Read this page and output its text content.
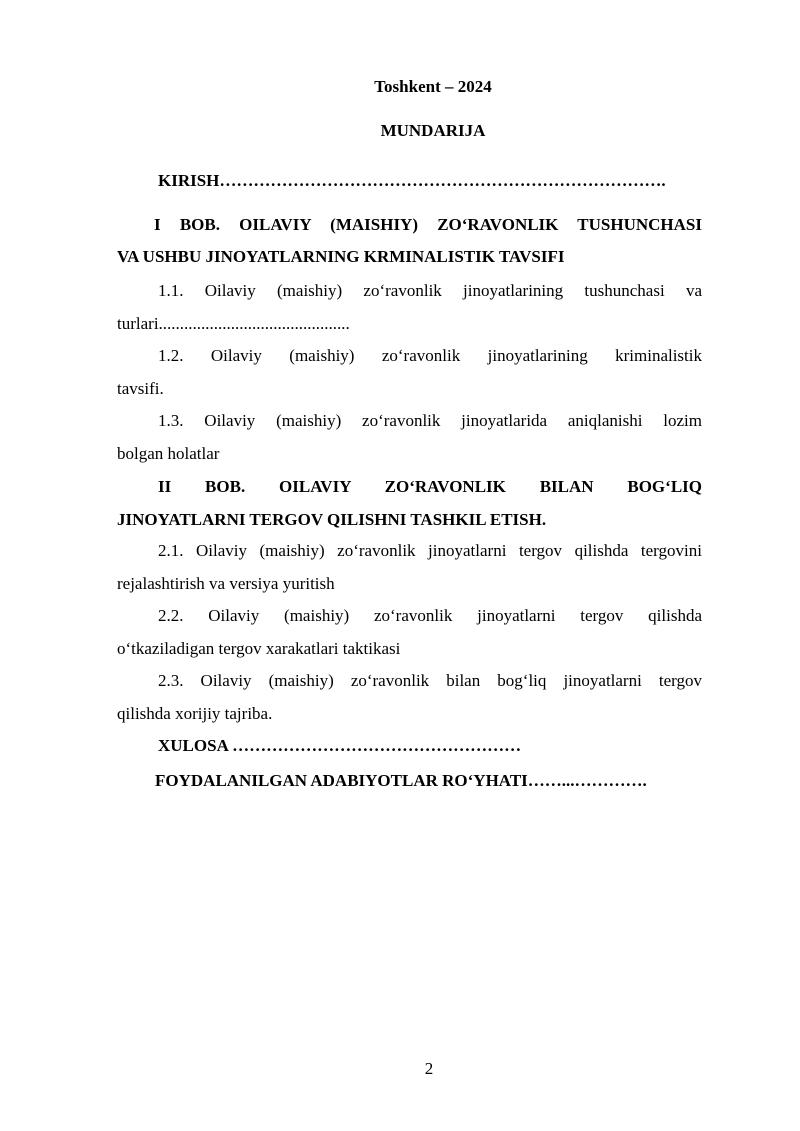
Toshkent – 2024
MUNDARIJA
KIRISH…………………………………………………………………….
I BOB. OILAVIY (MAISHIY) ZO‘RAVONLIK TUSHUNCHASI
VA USHBU JINOYATLARNING KRMINALISTIK TAVSIFI
1.1. Oilaviy (maishiy) zo‘ravonlik jinoyatlarining tushunchasi va
turlari.............................................
1.2. Oilaviy (maishiy) zo‘ravonlik jinoyatlarining kriminalistik
tavsifi.
1.3. Oilaviy (maishiy) zo‘ravonlik jinoyatlarida aniqlanishi lozim
bolgan holatlar
II BOB. OILAVIY ZO‘RAVONLIK BILAN BOG‘LIQ
JINOYATLARNI TERGOV QILISHNI TASHKIL ETISH.
2.1. Oilaviy (maishiy) zo‘ravonlik jinoyatlarni tergov qilishda tergovini
rejalashtirish va versiya yuritish
2.2. Oilaviy (maishiy) zo‘ravonlik jinoyatlarni tergov qilishda
o‘tkaziladigan tergov xarakatlari taktikasi
2.3. Oilaviy (maishiy) zo‘ravonlik bilan bog‘liq jinoyatlarni tergov
qilishda xorijiy tajriba.
XULOSA ……………………………………………
FOYDALANILGAN ADABIYOTLAR RO‘YHATI……...………….
2
